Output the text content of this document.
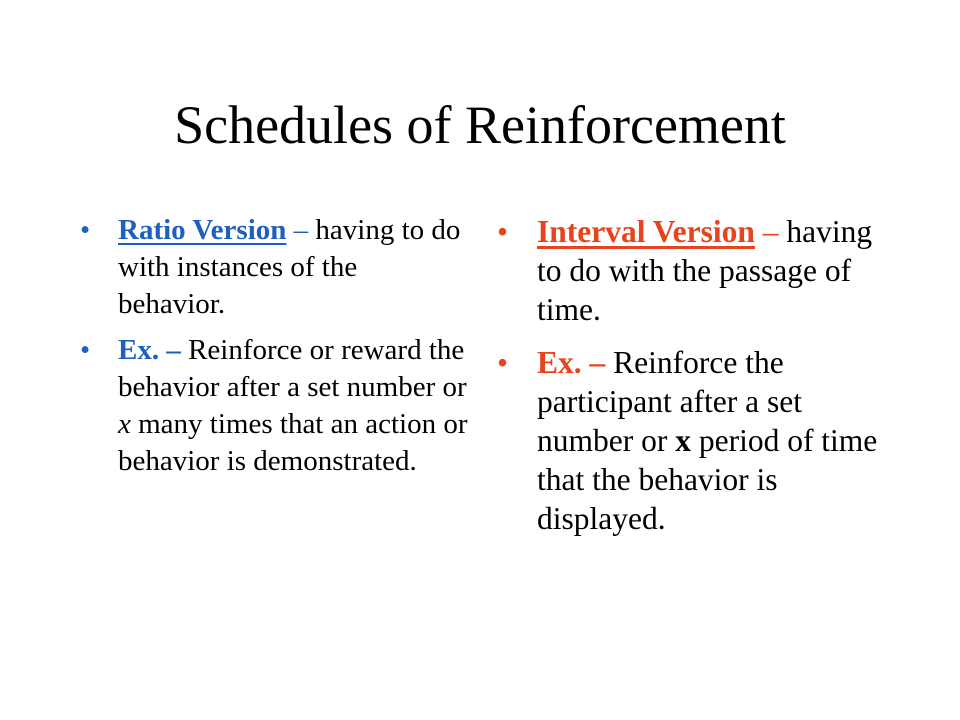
Schedules of Reinforcement

• Ratio Version – having to do with instances of the behavior.

• Ex. – Reinforce or reward the behavior after a set number or x many times that an action or behavior is demonstrated.

• Interval Version – having to do with the passage of time.

• Ex. – Reinforce the participant after a set number or x period of time that the behavior is displayed.
